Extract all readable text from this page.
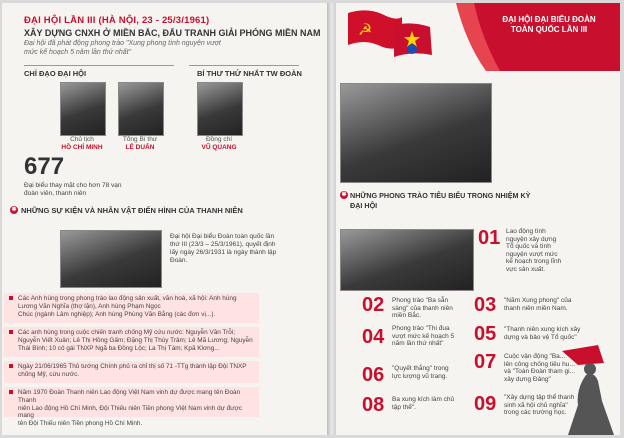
ĐẠI HỘI LẦN III (HÀ NỘI, 23 - 25/3/1961)
XÂY DỰNG CNXH Ở MIỀN BẮC, ĐẤU TRANH GIẢI PHÓNG MIỀN NAM
Đại hội đã phát động phong trào "Xung phong tình nguyện vượt
mức kế hoạch 5 năm lần thứ nhất"
CHỈ ĐẠO ĐẠI HỘI	BÍ THƯ THỨ NHẤT TW ĐOÀN
Chủ tịch
HỒ CHÍ MINH
Tổng Bí thư
LÊ DUẨN
Đồng chí
VŨ QUANG
677
Đại biểu thay mặt cho hơn 78 vạn
đoàn viên, thanh niên
✱ NHỮNG SỰ KIỆN VÀ NHÂN VẬT ĐIỂN HÌNH CỦA THANH NIÊN
Đại hội Đại biểu Đoàn toàn quốc lần
thứ III (23/3 – 25/3/1961), quyết định
lấy ngày 26/3/1931 là ngày thành lập
Đoàn.
Các Anh hùng trong phong trào lao động sản xuất, văn hoá, xã hội: Anh hùng
Lương Văn Nghĩa (thợ lặn), Anh hùng Phạm Ngọc
Chúc (ngành Lâm nghiệp); Anh hùng Phùng Văn Bằng (các đơn vị...).
Các anh hùng trong cuộc chiến tranh chống Mỹ cứu nước: Nguyễn Văn Trỗi;
Nguyễn Viết Xuân; Lê Thị Hồng Gấm; Đặng Thị Thùy Trâm; Lê Mã Lương; Nguyễn
Thái Bình; 10 cô gái TNXP Ngã ba Đồng Lộc; La Thị Tám; Kpă Klơng...
Ngày 21/06/1965 Thủ tướng Chính phủ ra chỉ thị số 71 -TTg thành lập Đội TNXP
chống Mỹ, cứu nước.
Năm 1970 Đoàn Thanh niên Lao động Việt Nam vinh dự được mang tên Đoàn Thanh
niên Lao động Hồ Chí Minh, Đội Thiếu niên Tiền phong Việt Nam vinh dự được mang
tên Đội Thiếu niên Tiền phong Hồ Chí Minh.
☭
ĐẠI HỘI ĐẠI BIỂU ĐOÀN
TOÀN QUỐC LẦN III
✱ NHỮNG PHONG TRÀO TIÊU BIỂU TRONG NHIỆM KỲ
ĐẠI HỘI
01 Lao động tình
nguyện xây dựng
Tổ quốc và tình
nguyện vượt mức
kế hoạch trong lĩnh
vực sản xuất.
02 Phong trào "Ba sẵn
sàng" của thanh niên
miền Bắc.	03 "Năm Xung phong" của
thanh niên miền Nam.
04 Phong trào "Thi đua
vượt mức kế hoạch 5
năm lần thứ nhất"	05 "Thanh niên xung kích xây
dựng và bảo vệ Tổ quốc"
06 "Quyết thắng" trong
lực lượng vũ trang.
07 Cuộc vận động "Ba...
lên công chống tiêu hu...
và "Toàn Đoàn tham gi...
xây dựng Đảng"
08 Ba xung kích làm chủ
tập thể".	09 "Xây dựng tập thể thanh
sinh xã hội chủ nghĩa"
trong các trường học.
